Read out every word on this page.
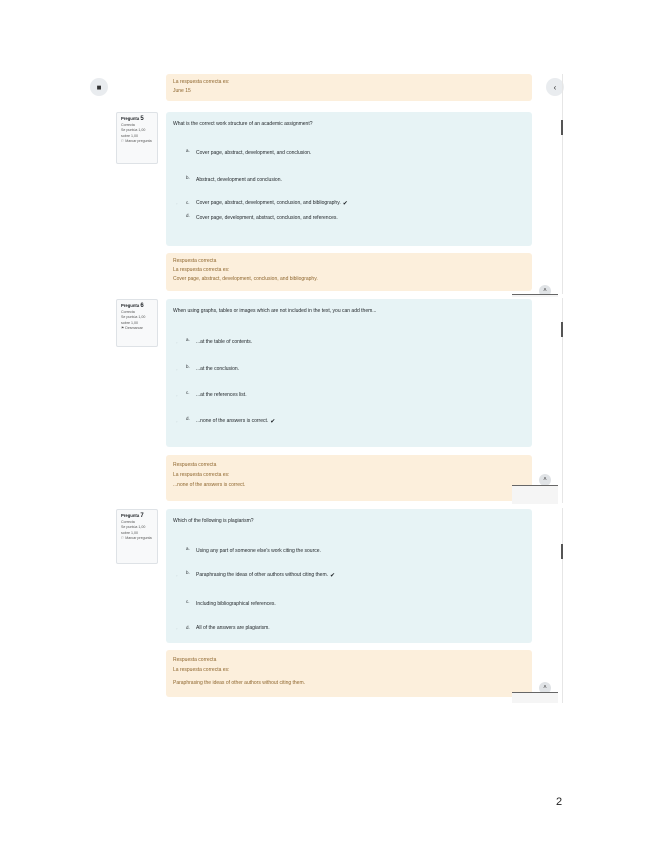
■	‹
La respuesta correcta es:
June 15
Pregunta 5
Correcta
Se puntúa 1,00 sobre 1,00
⚐ Marcar pregunta
What is the correct work structure of an academic assignment?
a.	Cover page, abstract, development, and conclusion.
b.	Abstract, development and conclusion.
◦	c.	Cover page, abstract, development, conclusion, and bibliography. ✔
d.	Cover page, development, abstract, conclusion, and references.
Respuesta correcta
La respuesta correcta es:
Cover page, abstract, development, conclusion, and bibliography.
˄
Pregunta 6
Correcta
Se puntúa 1,00 sobre 1,00
⚑ Desmarcar
When using graphs, tables or images which are not included in the text, you can add them...
◦
a.	...at the table of contents.
◦
b.	...at the conclusion.
◦
c.	...at the references list.
◦
d.	...none of the answers is correct. ✔
Respuesta correcta
La respuesta correcta es:
...none of the answers is correct.
˄
Pregunta 7
Correcta
Se puntúa 1,00 sobre 1,00
⚐ Marcar pregunta
Which of the following is plagiarism?
a.	Using any part of someone else's work citing the source.
◦
b.	Paraphrasing the ideas of other authors without citing them. ✔
c.	Including bibliographical references.
◦	d.	All of the answers are plagiarism.
Respuesta correcta
La respuesta correcta es:
Paraphrasing the ideas of other authors without citing them.
˄
2
